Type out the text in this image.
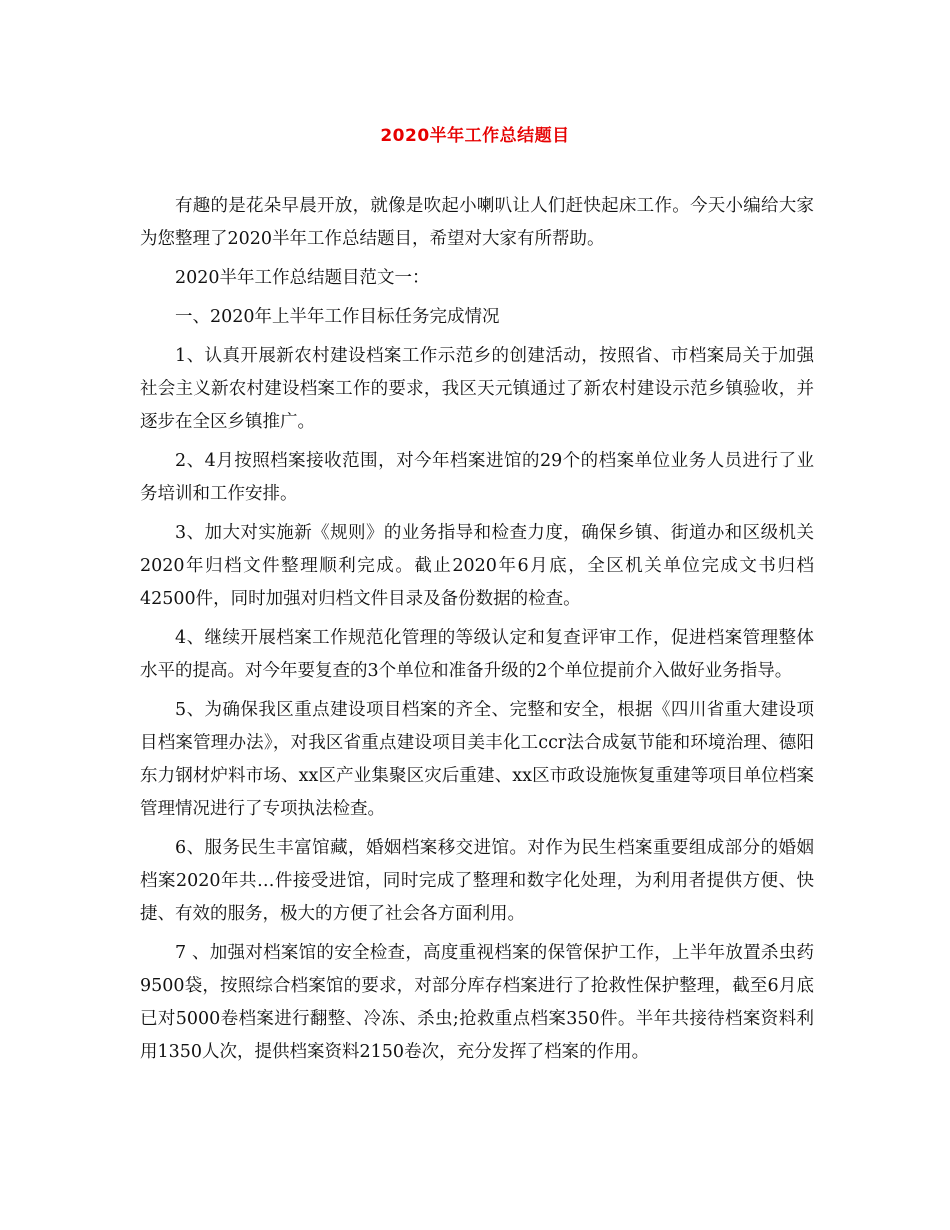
2020半年工作总结题目

有趣的是花朵早晨开放，就像是吹起小喇叭让人们赶快起床工作。今天小编给大家为您整理了2020半年工作总结题目，希望对大家有所帮助。

2020半年工作总结题目范文一：

一、2020年上半年工作目标任务完成情况

1、认真开展新农村建设档案工作示范乡的创建活动，按照省、市档案局关于加强社会主义新农村建设档案工作的要求，我区天元镇通过了新农村建设示范乡镇验收，并逐步在全区乡镇推广。

2、4月按照档案接收范围，对今年档案进馆的29个的档案单位业务人员进行了业务培训和工作安排。

3、加大对实施新《规则》的业务指导和检查力度，确保乡镇、街道办和区级机关2020年归档文件整理顺利完成。截止2020年6月底，全区机关单位完成文书归档42500件，同时加强对归档文件目录及备份数据的检查。

4、继续开展档案工作规范化管理的等级认定和复查评审工作，促进档案管理整体水平的提高。对今年要复查的3个单位和准备升级的2个单位提前介入做好业务指导。

5、为确保我区重点建设项目档案的齐全、完整和安全，根据《四川省重大建设项目档案管理办法》，对我区省重点建设项目美丰化工ccr法合成氨节能和环境治理、德阳东力钢材炉料市场、xx区产业集聚区灾后重建、xx区市政设施恢复重建等项目单位档案管理情况进行了专项执法检查。

6、服务民生丰富馆藏，婚姻档案移交进馆。对作为民生档案重要组成部分的婚姻档案2020年共…件接受进馆，同时完成了整理和数字化处理，为利用者提供方便、快捷、有效的服务，极大的方便了社会各方面利用。

7 、加强对档案馆的安全检查，高度重视档案的保管保护工作，上半年放置杀虫药9500袋，按照综合档案馆的要求，对部分库存档案进行了抢救性保护整理，截至6月底已对5000卷档案进行翻整、冷冻、杀虫;抢救重点档案350件。半年共接待档案资料利用1350人次，提供档案资料2150卷次，充分发挥了档案的作用。
